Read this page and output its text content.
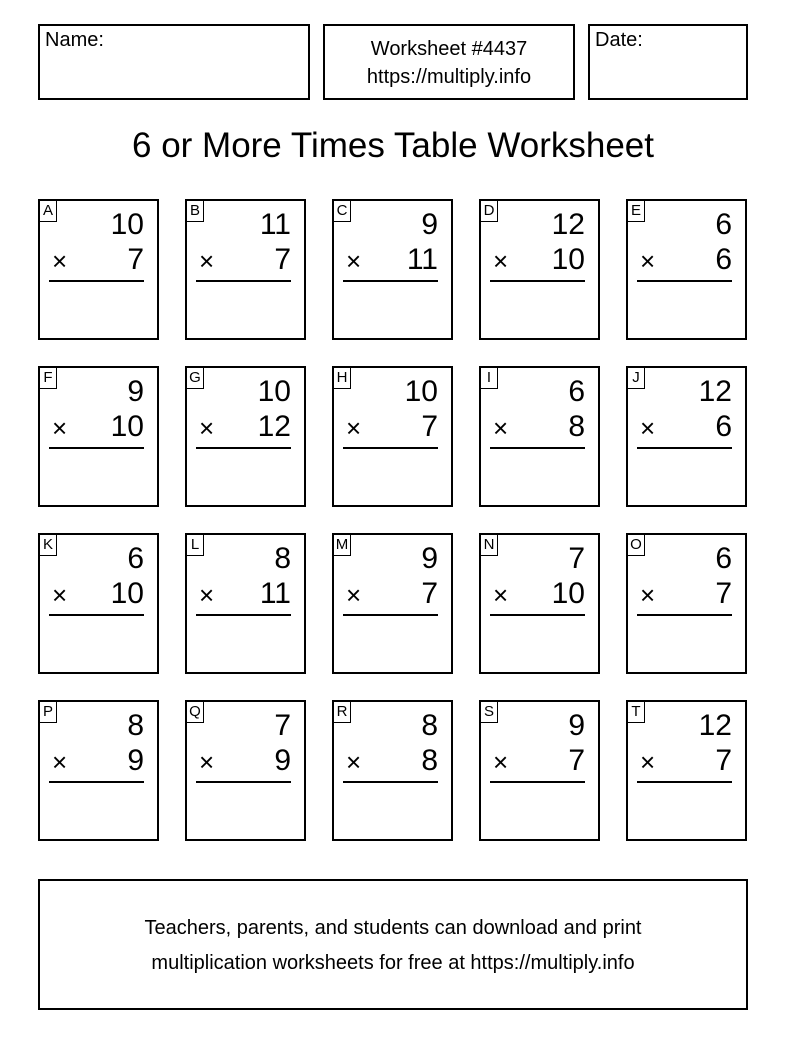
Name:	Worksheet #4437
https://multiply.info
Date:
6 or More Times Table Worksheet
A 10
× 7
B 11
× 7
C 9
× 11
D 12
× 10
E 6
× 6
F 9
× 10
G 10
× 12
H 10
× 7
I	6
× 8
J 12
× 6
K 6
× 10
L	8
× 11
M 9
× 7
N 7
× 10
O 6
× 7
P 8
× 9
Q 7
× 9
R 8
× 8
S 9
× 7
T 12
× 7
Teachers, parents, and students can download and print
multiplication worksheets for free at https://multiply.info
